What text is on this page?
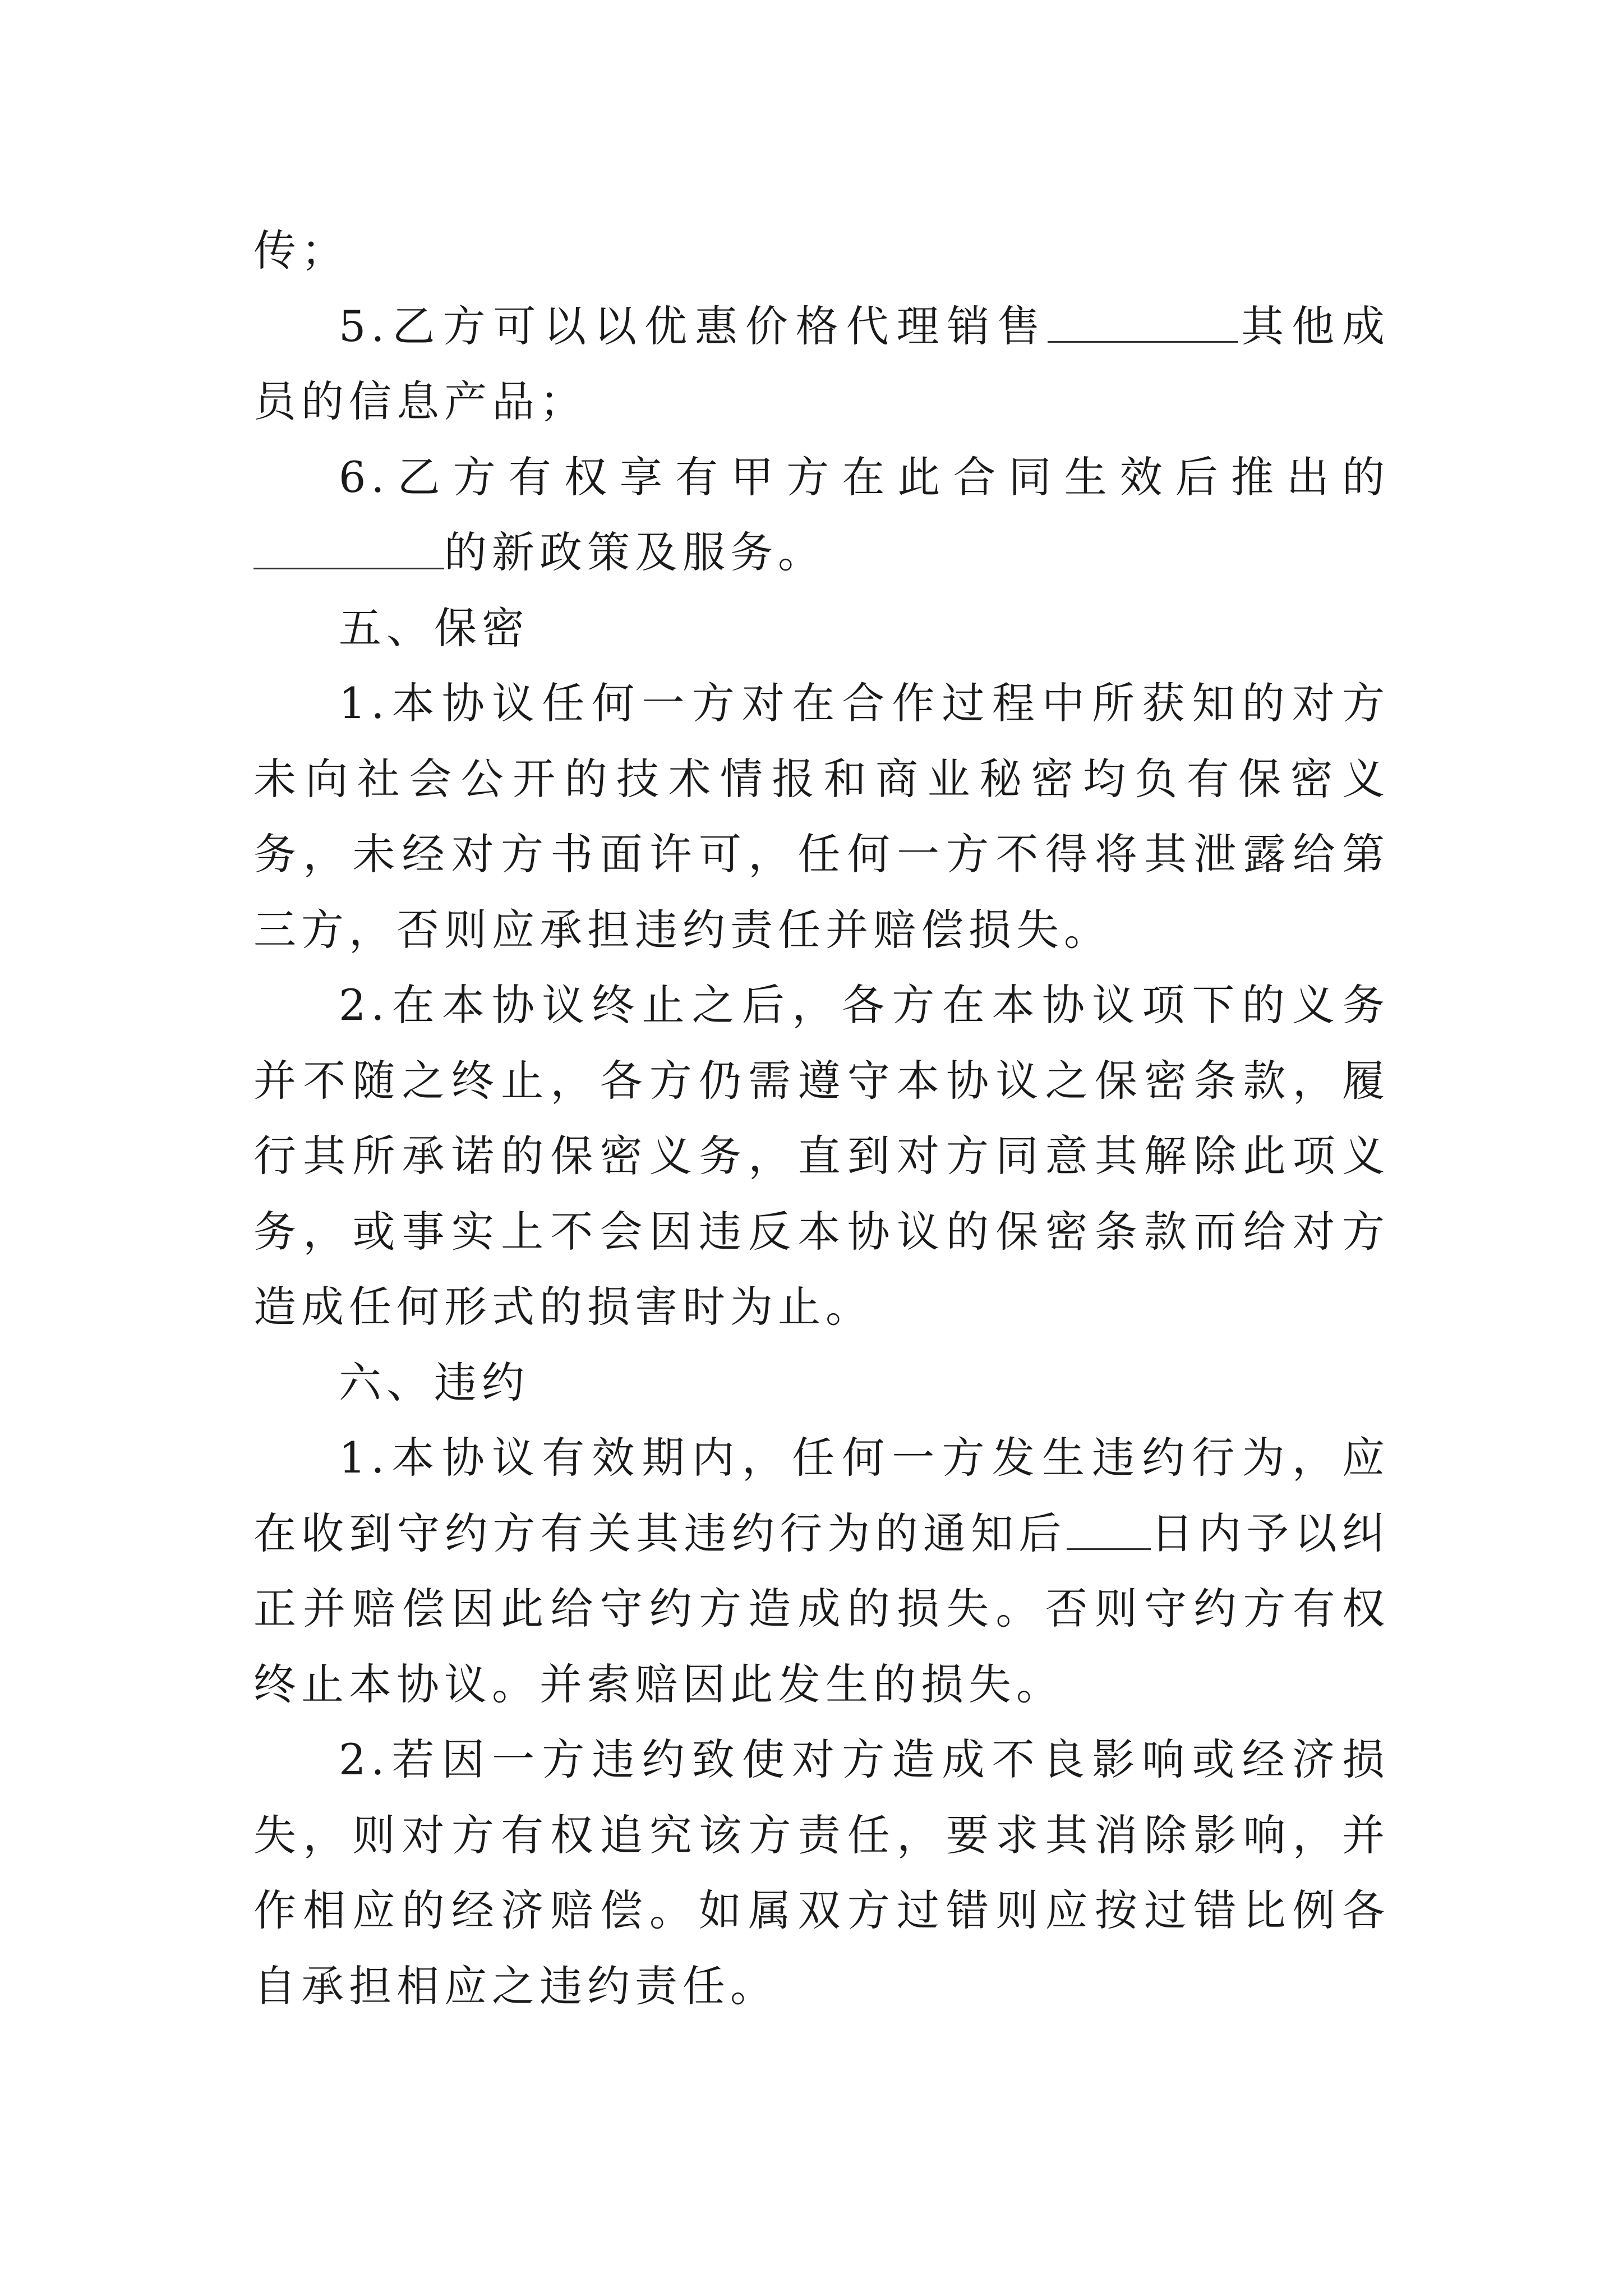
传；

5.乙方可以以优惠价格代理销售	其他成员的信息产品；

6.乙方有权享有甲方在此合同生效后推出的的新政策及服务。

五、保密

1.本协议任何一方对在合作过程中所获知的对方未向社会公开的技术情报和商业秘密均负有保密义务，未经对方书面许可，任何一方不得将其泄露给第三方，否则应承担违约责任并赔偿损失。

2.在本协议终止之后，各方在本协议项下的义务并不随之终止，各方仍需遵守本协议之保密条款，履行其所承诺的保密义务，直到对方同意其解除此项义务，或事实上不会因违反本协议的保密条款而给对方造成任何形式的损害时为止。

六、违约

1.本协议有效期内，任何一方发生违约行为，应在收到守约方有关其违约行为的通知后 日内予以纠正并赔偿因此给守约方造成的损失。否则守约方有权终止本协议。并索赔因此发生的损失。

2.若因一方违约致使对方造成不良影响或经济损失，则对方有权追究该方责任，要求其消除影响，并作相应的经济赔偿。如属双方过错则应按过错比例各自承担相应之违约责任。
